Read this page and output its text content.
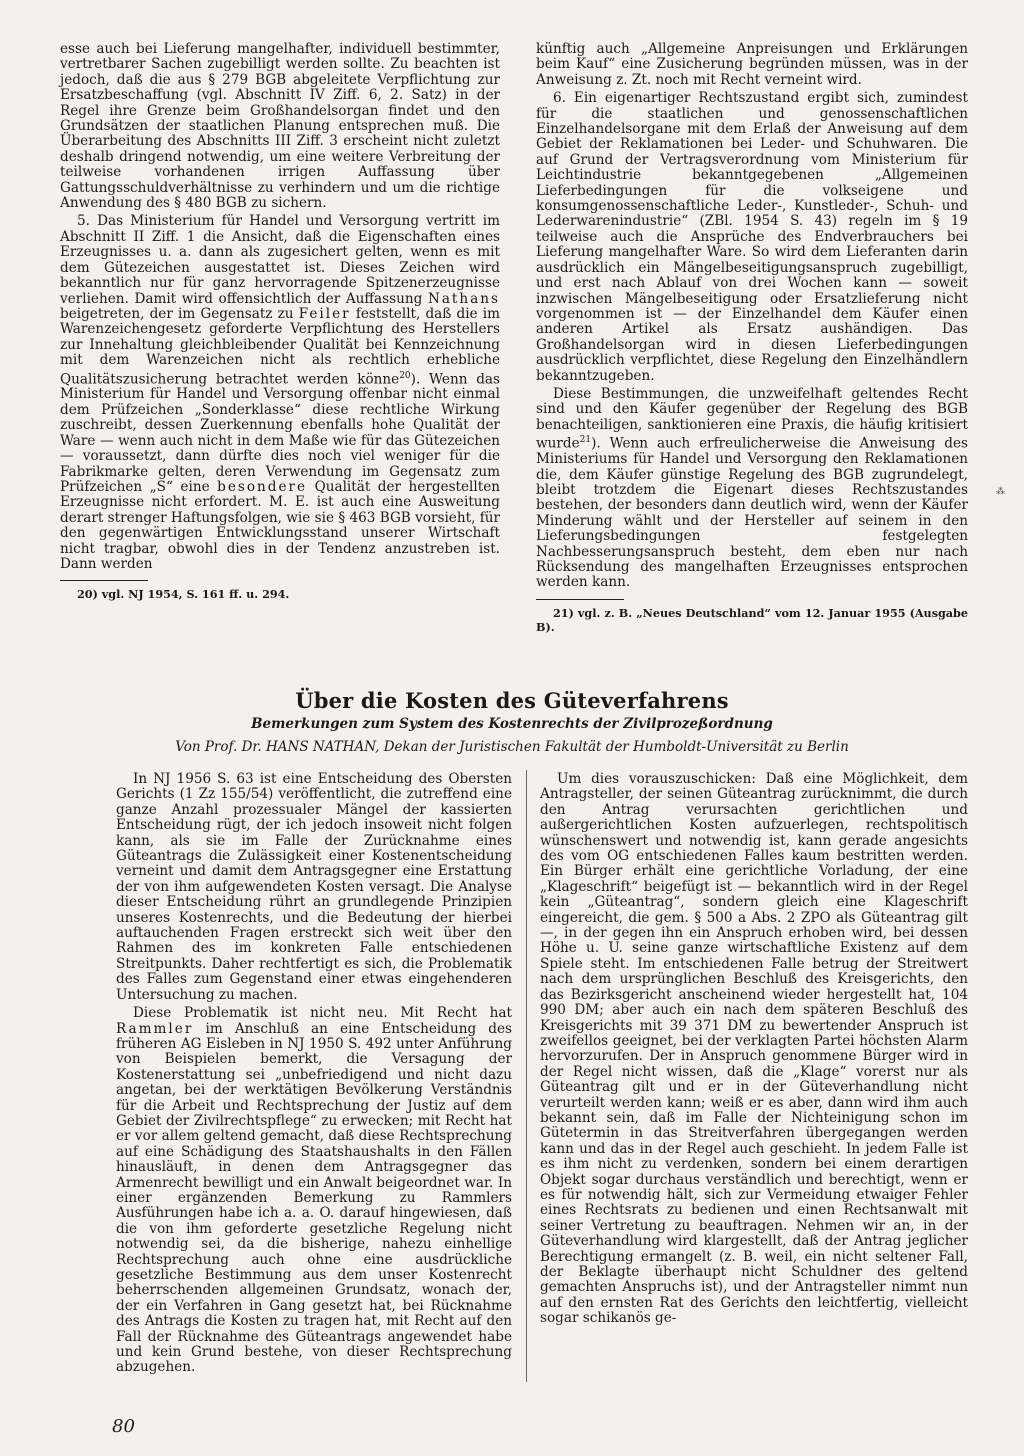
esse auch bei Lieferung mangelhafter, individuell bestimmter, vertretbarer Sachen zugebilligt werden sollte. Zu beachten ist jedoch, daß die aus § 279 BGB abgeleitete Verpflichtung zur Ersatzbeschaffung (vgl. Abschnitt IV Ziff. 6, 2. Satz) in der Regel ihre Grenze beim Großhandelsorgan findet und den Grundsätzen der staatlichen Planung entsprechen muß. Die Überarbeitung des Abschnitts III Ziff. 3 erscheint nicht zuletzt deshalb dringend notwendig, um eine weitere Verbreitung der teilweise vorhandenen irrigen Auffassung über Gattungsschuldverhältnisse zu verhindern und um die richtige Anwendung des § 480 BGB zu sichern.

5. Das Ministerium für Handel und Versorgung vertritt im Abschnitt II Ziff. 1 die Ansicht, daß die Eigenschaften eines Erzeugnisses u. a. dann als zugesichert gelten, wenn es mit dem Gütezeichen ausgestattet ist. Dieses Zeichen wird bekanntlich nur für ganz hervorragende Spitzenerzeugnisse verliehen. Damit wird offensichtlich der Auffassung Nathans beigetreten, der im Gegensatz zu Feiler feststellt, daß die im Warenzeichengesetz geforderte Verpflichtung des Herstellers zur Innehaltung gleichbleibender Qualität bei Kennzeichnung mit dem Warenzeichen nicht als rechtlich erhebliche Qualitätszusicherung betrachtet werden könne$^{20}$). Wenn das Ministerium für Handel und Versorgung offenbar nicht einmal dem Prüfzeichen „Sonderklasse“ diese rechtliche Wirkung zuschreibt, dessen Zuerkennung ebenfalls hohe Qualität der Ware — wenn auch nicht in dem Maße wie für das Gütezeichen — voraussetzt, dann dürfte dies noch viel weniger für die Fabrikmarke gelten, deren Verwendung im Gegensatz zum Prüfzeichen „S“ eine besondere Qualität der hergestellten Erzeugnisse nicht erfordert. M. E. ist auch eine Ausweitung derart strenger Haftungsfolgen, wie sie § 463 BGB vorsieht, für den gegenwärtigen Entwicklungsstand unserer Wirtschaft nicht tragbar, obwohl dies in der Tendenz anzustreben ist. Dann werden

20) vgl. NJ 1954, S. 161 ff. u. 294.

künftig auch „Allgemeine Anpreisungen und Erklärungen beim Kauf“ eine Zusicherung begründen müssen, was in der Anweisung z. Zt. noch mit Recht verneint wird.

6. Ein eigenartiger Rechtszustand ergibt sich, zumindest für die staatlichen und genossenschaftlichen Einzelhandelsorgane mit dem Erlaß der Anweisung auf dem Gebiet der Reklamationen bei Leder- und Schuhwaren. Die auf Grund der Vertragsverordnung vom Ministerium für Leichtindustrie bekanntgegebenen „Allgemeinen Lieferbedingungen für die volkseigene und konsumgenossenschaftliche Leder-, Kunstleder-, Schuh- und Lederwarenindustrie“ (ZBl. 1954 S. 43) regeln im § 19 teilweise auch die Ansprüche des Endverbrauchers bei Lieferung mangelhafter Ware. So wird dem Lieferanten darin ausdrücklich ein Mängelbeseitigungsanspruch zugebilligt, und erst nach Ablauf von drei Wochen kann — soweit inzwischen Mängelbeseitigung oder Ersatzlieferung nicht vorgenommen ist — der Einzelhandel dem Käufer einen anderen Artikel als Ersatz aushändigen. Das Großhandelsorgan wird in diesen Lieferbedingungen ausdrücklich verpflichtet, diese Regelung den Einzelhändlern bekanntzugeben.

Diese Bestimmungen, die unzweifelhaft geltendes Recht sind und den Käufer gegenüber der Regelung des BGB benachteiligen, sanktionieren eine Praxis, die häufig kritisiert wurde$^{21}$). Wenn auch erfreulicherweise die Anweisung des Ministeriums für Handel und Versorgung den Reklamationen die, dem Käufer günstige Regelung des BGB zugrundelegt, bleibt trotzdem die Eigenart dieses Rechtszustandes bestehen, der besonders dann deutlich wird, wenn der Käufer Minderung wählt und der Hersteller auf seinem in den Lieferungsbedingungen festgelegten Nachbesserungsanspruch besteht, dem eben nur nach Rücksendung des mangelhaften Erzeugnisses entsprochen werden kann.

21) vgl. z. B. „Neues Deutschland“ vom 12. Januar 1955 (Ausgabe B).
⁂
Über die Kosten des Güteverfahrens
Bemerkungen zum System des Kostenrechts der Zivilprozeßordnung
Von Prof. Dr. HANS NATHAN, Dekan der Juristischen Fakultät der Humboldt-Universität zu Berlin

In NJ 1956 S. 63 ist eine Entscheidung des Obersten Gerichts (1 Zz 155/54) veröffentlicht, die zutreffend eine ganze Anzahl prozessualer Mängel der kassierten Entscheidung rügt, der ich jedoch insoweit nicht folgen kann, als sie im Falle der Zurücknahme eines Güteantrags die Zulässigkeit einer Kostenentscheidung verneint und damit dem Antragsgegner eine Erstattung der von ihm aufgewendeten Kosten versagt. Die Analyse dieser Entscheidung rührt an grundlegende Prinzipien unseres Kostenrechts, und die Bedeutung der hierbei auftauchenden Fragen erstreckt sich weit über den Rahmen des im konkreten Falle entschiedenen Streitpunkts. Daher rechtfertigt es sich, die Problematik des Falles zum Gegenstand einer etwas eingehenderen Untersuchung zu machen.

Diese Problematik ist nicht neu. Mit Recht hat Rammler im Anschluß an eine Entscheidung des früheren AG Eisleben in NJ 1950 S. 492 unter Anführung von Beispielen bemerkt, die Versagung der Kostenerstattung sei „unbefriedigend und nicht dazu angetan, bei der werktätigen Bevölkerung Verständnis für die Arbeit und Rechtsprechung der Justiz auf dem Gebiet der Zivilrechtspflege“ zu erwecken; mit Recht hat er vor allem geltend gemacht, daß diese Rechtsprechung auf eine Schädigung des Staatshaushalts in den Fällen hinausläuft, in denen dem Antragsgegner das Armenrecht bewilligt und ein Anwalt beigeordnet war. In einer ergänzenden Bemerkung zu Rammlers Ausführungen habe ich a. a. O. darauf hingewiesen, daß die von ihm geforderte gesetzliche Regelung nicht notwendig sei, da die bisherige, nahezu einhellige Rechtsprechung auch ohne eine ausdrückliche gesetzliche Bestimmung aus dem unser Kostenrecht beherrschenden allgemeinen Grundsatz, wonach der, der ein Verfahren in Gang gesetzt hat, bei Rücknahme des Antrags die Kosten zu tragen hat, mit Recht auf den Fall der Rücknahme des Güteantrags angewendet habe und kein Grund bestehe, von dieser Rechtsprechung abzugehen.

Um dies vorauszuschicken: Daß eine Möglichkeit, dem Antragsteller, der seinen Güteantrag zurücknimmt, die durch den Antrag verursachten gerichtlichen und außergerichtlichen Kosten aufzuerlegen, rechtspolitisch wünschenswert und notwendig ist, kann gerade angesichts des vom OG entschiedenen Falles kaum bestritten werden. Ein Bürger erhält eine gerichtliche Vorladung, der eine „Klageschrift“ beigefügt ist — bekanntlich wird in der Regel kein „Güteantrag“, sondern gleich eine Klageschrift eingereicht, die gem. § 500 a Abs. 2 ZPO als Güteantrag gilt —, in der gegen ihn ein Anspruch erhoben wird, bei dessen Höhe u. U. seine ganze wirtschaftliche Existenz auf dem Spiele steht. Im entschiedenen Falle betrug der Streitwert nach dem ursprünglichen Beschluß des Kreisgerichts, den das Bezirksgericht anscheinend wieder hergestellt hat, 104 990 DM; aber auch ein nach dem späteren Beschluß des Kreisgerichts mit 39 371 DM zu bewertender Anspruch ist zweifellos geeignet, bei der verklagten Partei höchsten Alarm hervorzurufen. Der in Anspruch genommene Bürger wird in der Regel nicht wissen, daß die „Klage“ vorerst nur als Güteantrag gilt und er in der Güteverhandlung nicht verurteilt werden kann; weiß er es aber, dann wird ihm auch bekannt sein, daß im Falle der Nichteinigung schon im Gütetermin in das Streitverfahren übergegangen werden kann und das in der Regel auch geschieht. In jedem Falle ist es ihm nicht zu verdenken, sondern bei einem derartigen Objekt sogar durchaus verständlich und berechtigt, wenn er es für notwendig hält, sich zur Vermeidung etwaiger Fehler eines Rechtsrats zu bedienen und einen Rechtsanwalt mit seiner Vertretung zu beauftragen. Nehmen wir an, in der Güteverhandlung wird klargestellt, daß der Antrag jeglicher Berechtigung ermangelt (z. B. weil, ein nicht seltener Fall, der Beklagte überhaupt nicht Schuldner des geltend gemachten Anspruchs ist), und der Antragsteller nimmt nun auf den ernsten Rat des Gerichts den leichtfertig, vielleicht sogar schikanös ge-

80
